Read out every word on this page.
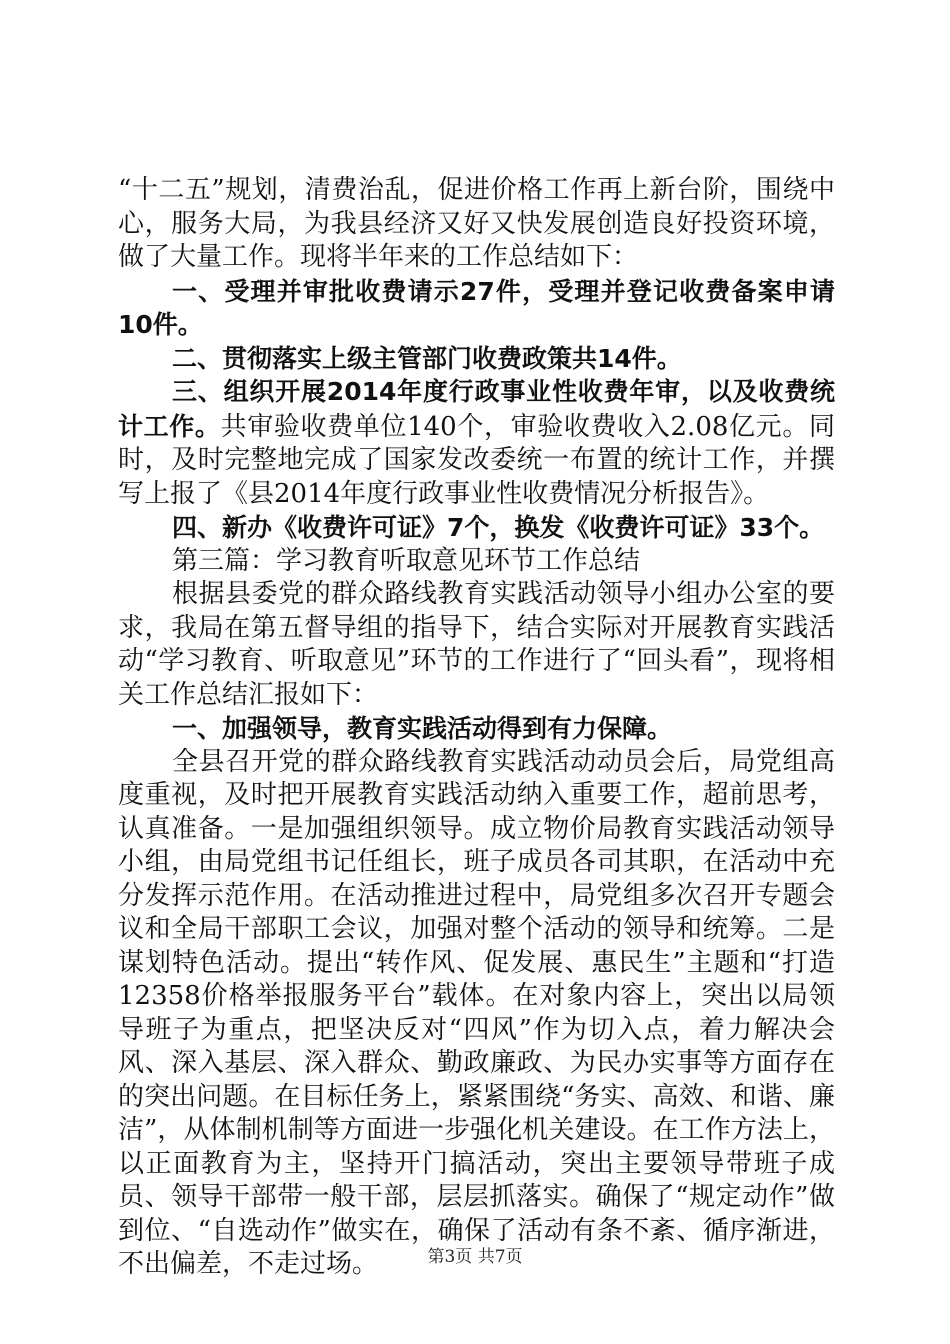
“十二五”规划，清费治乱，促进价格工作再上新台阶，围绕中心，服务大局，为我县经济又好又快发展创造良好投资环境，做了大量工作。现将半年来的工作总结如下：

一、受理并审批收费请示27件，受理并登记收费备案申请10件。

二、贯彻落实上级主管部门收费政策共14件。

三、组织开展2014年度行政事业性收费年审，以及收费统计工作。共审验收费单位140个，审验收费收入2.08亿元。同时，及时完整地完成了国家发改委统一布置的统计工作，并撰写上报了《县2014年度行政事业性收费情况分析报告》。

四、新办《收费许可证》7个，换发《收费许可证》33个。

第三篇：学习教育听取意见环节工作总结

根据县委党的群众路线教育实践活动领导小组办公室的要求，我局在第五督导组的指导下，结合实际对开展教育实践活动“学习教育、听取意见”环节的工作进行了“回头看”，现将相关工作总结汇报如下：

一、加强领导，教育实践活动得到有力保障。

全县召开党的群众路线教育实践活动动员会后，局党组高度重视，及时把开展教育实践活动纳入重要工作，超前思考，认真准备。一是加强组织领导。成立物价局教育实践活动领导小组，由局党组书记任组长，班子成员各司其职，在活动中充分发挥示范作用。在活动推进过程中，局党组多次召开专题会议和全局干部职工会议，加强对整个活动的领导和统筹。二是谋划特色活动。提出“转作风、促发展、惠民生”主题和“打造12358价格举报服务平台”载体。在对象内容上，突出以局领导班子为重点，把坚决反对“四风”作为切入点，着力解决会风、深入基层、深入群众、勤政廉政、为民办实事等方面存在的突出问题。在目标任务上，紧紧围绕“务实、高效、和谐、廉洁”，从体制机制等方面进一步强化机关建设。在工作方法上，以正面教育为主，坚持开门搞活动，突出主要领导带班子成员、领导干部带一般干部，层层抓落实。确保了“规定动作”做到位、“自选动作”做实在，确保了活动有条不紊、循序渐进，不出偏差，不走过场。	第3页 共7页
